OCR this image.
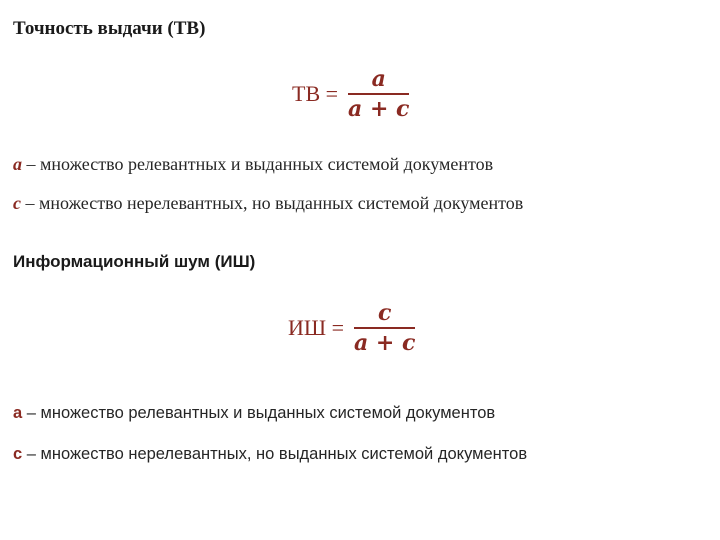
Точность выдачи (ТВ)
ТВ = $\frac{a}{a + c}$
a – множество релевантных и выданных системой документов
c – множество нерелевантных, но выданных системой документов
Информационный шум (ИШ)
ИШ = $\frac{c}{a + c}$
a – множество релевантных и выданных системой документов
c – множество нерелевантных, но выданных системой документов
